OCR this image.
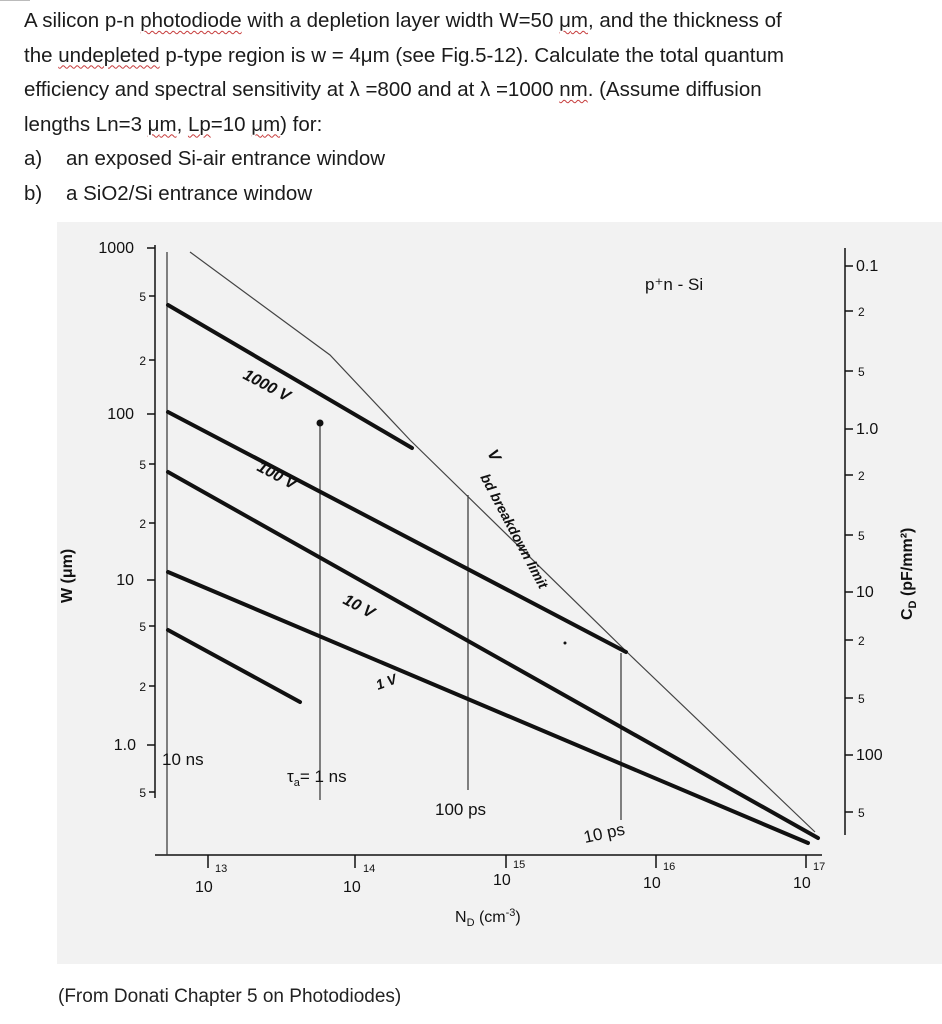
A silicon p-n photodiode with a depletion layer width W=50 μm, and the thickness of

the undepleted p-type region is w = 4μm (see Fig.5-12). Calculate the total quantum

efficiency and spectral sensitivity at λ =800 and at λ =1000 nm. (Assume diffusion

lengths Ln=3 μm, Lp=10 μm) for:

a) an exposed Si-air entrance window

b) a SiO2/Si entrance window

1000
5
2
100
5
2
10
5
2
1.0
5
0.1
2
5
1.0
2
5
10
2
5
100
5
10
13
10
14
10
15
10
16
10
17
$N_D$ $(cm^{-3})$
W (μm)
$C_D$ (pF/mm²)
1000 V
100 V
10 V
1 V
V
bd breakdown limit
p⁺n - Si
10 ns
$\tau_a= 1$ ns
100 ps
10 ps
(From Donati Chapter 5 on Photodiodes)
